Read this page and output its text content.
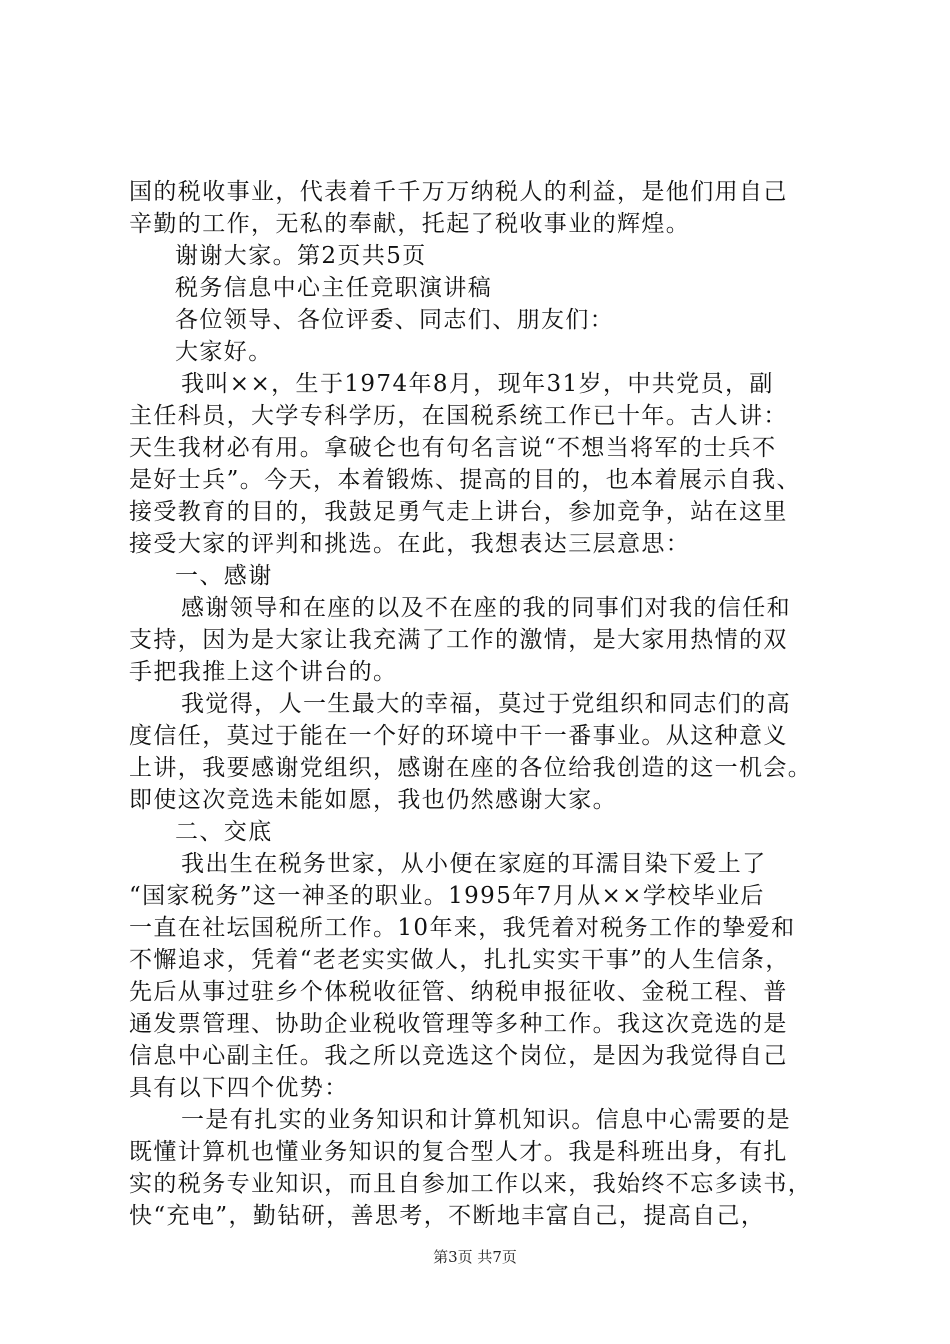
国的税收事业，代表着千千万万纳税人的利益，是他们用自己

辛勤的工作，无私的奉献，托起了税收事业的辉煌。

谢谢大家。第2页共5页

税务信息中心主任竞职演讲稿

各位领导、各位评委、同志们、朋友们：

大家好。

我叫××，生于1974年8月，现年31岁，中共党员，副

主任科员，大学专科学历，在国税系统工作已十年。古人讲：

天生我材必有用。拿破仑也有句名言说“不想当将军的士兵不

是好士兵”。今天，本着锻炼、提高的目的，也本着展示自我、

接受教育的目的，我鼓足勇气走上讲台，参加竞争，站在这里

接受大家的评判和挑选。在此，我想表达三层意思：

一、感谢

感谢领导和在座的以及不在座的我的同事们对我的信任和

支持，因为是大家让我充满了工作的激情，是大家用热情的双

手把我推上这个讲台的。

我觉得，人一生最大的幸福，莫过于党组织和同志们的高

度信任，莫过于能在一个好的环境中干一番事业。从这种意义

上讲，我要感谢党组织，感谢在座的各位给我创造的这一机会。

即使这次竞选未能如愿，我也仍然感谢大家。

二、交底

我出生在税务世家，从小便在家庭的耳濡目染下爱上了

“国家税务”这一神圣的职业。1995年7月从××学校毕业后

一直在社坛国税所工作。10年来，我凭着对税务工作的挚爱和

不懈追求，凭着“老老实实做人，扎扎实实干事”的人生信条，

先后从事过驻乡个体税收征管、纳税申报征收、金税工程、普

通发票管理、协助企业税收管理等多种工作。我这次竞选的是

信息中心副主任。我之所以竞选这个岗位，是因为我觉得自己

具有以下四个优势：

一是有扎实的业务知识和计算机知识。信息中心需要的是

既懂计算机也懂业务知识的复合型人才。我是科班出身，有扎

实的税务专业知识，而且自参加工作以来，我始终不忘多读书，

快“充电”，勤钻研，善思考，不断地丰富自己，提高自己，

第3页 共7页
